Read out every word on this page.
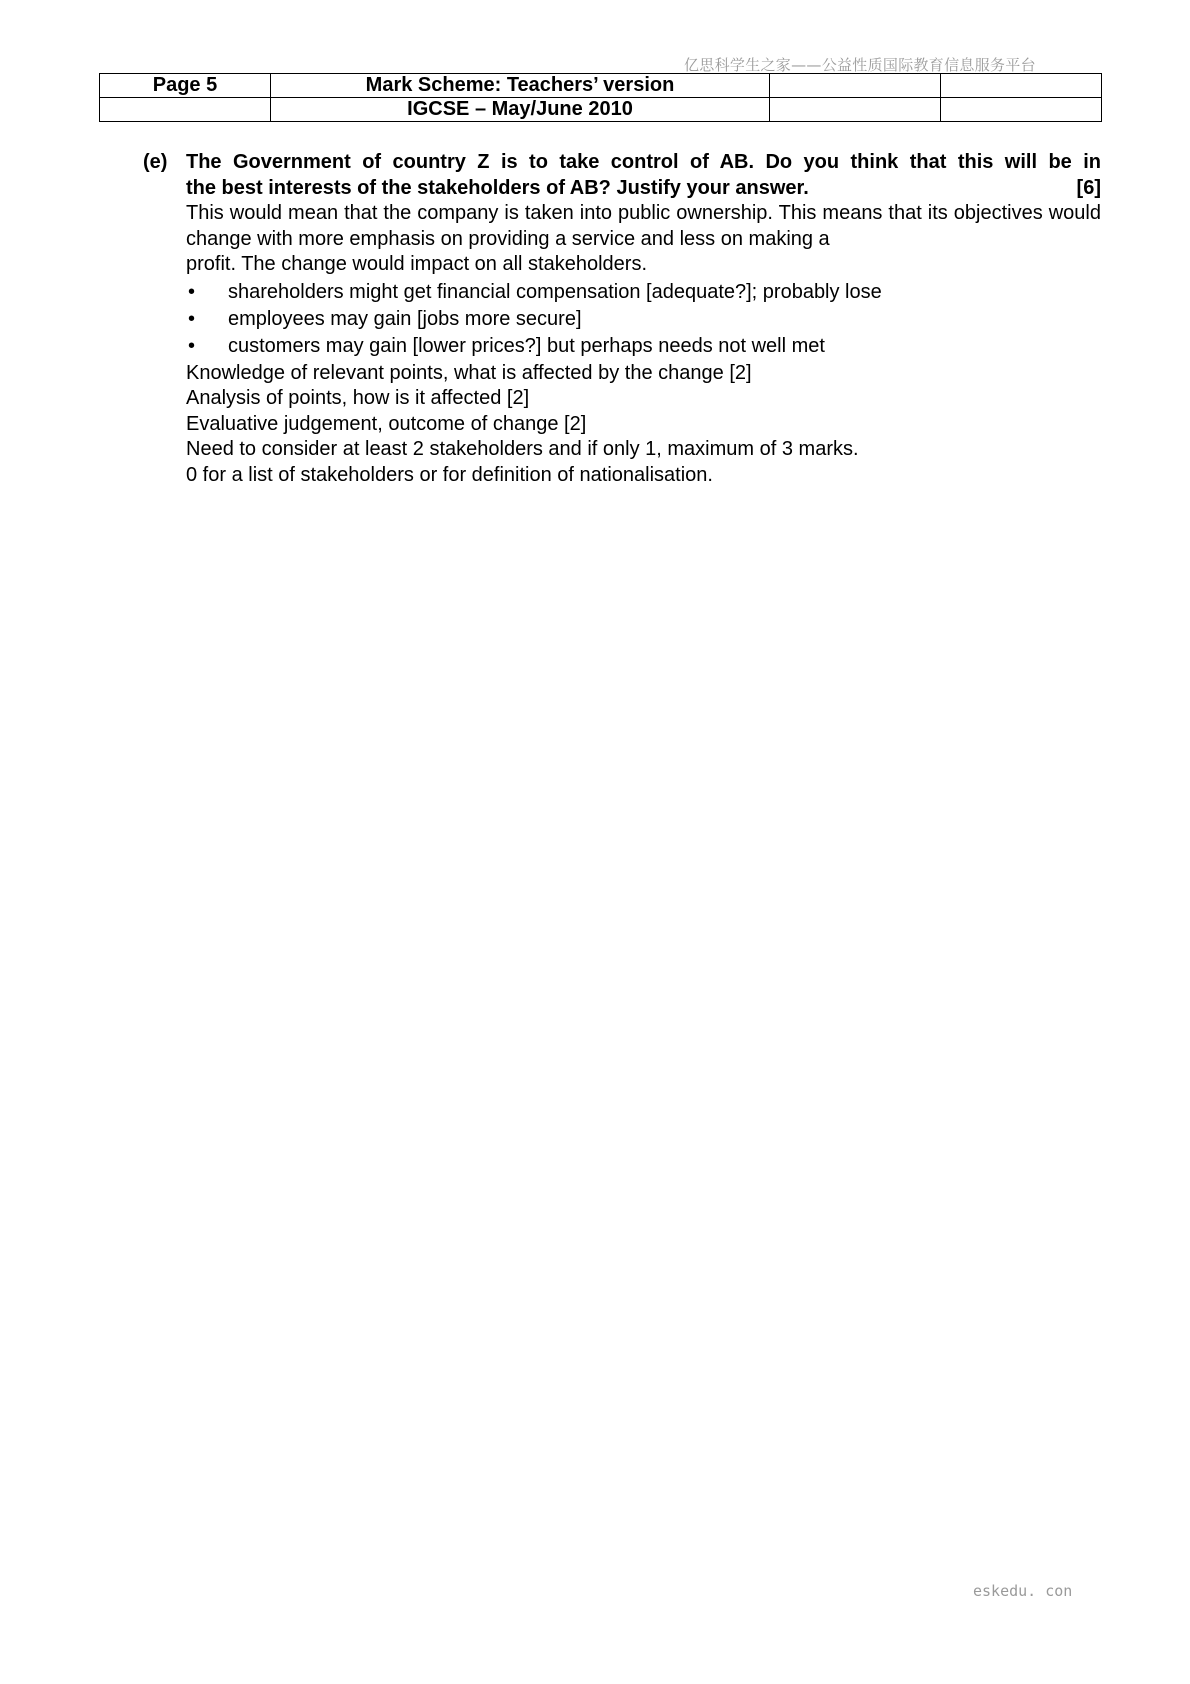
亿思科学生之家——公益性质国际教育信息服务平台
Page 5	Mark Scheme: Teachers’ version		
	IGCSE – May/June 2010		
(e) The Government of country Z is to take control of AB. Do you think that this will be in
the best interests of the stakeholders of AB? Justify your answer.	[6]
This would mean that the company is taken into public ownership. This means that its objectives would change with more emphasis on providing a service and less on making a
profit. The change would impact on all stakeholders.
• shareholders might get financial compensation [adequate?]; probably lose
• employees may gain [jobs more secure]
• customers may gain [lower prices?] but perhaps needs not well met
Knowledge of relevant points, what is affected by the change [2]
Analysis of points, how is it affected [2]
Evaluative judgement, outcome of change [2]
Need to consider at least 2 stakeholders and if only 1, maximum of 3 marks.
0 for a list of stakeholders or for definition of nationalisation.
eskedu. con
